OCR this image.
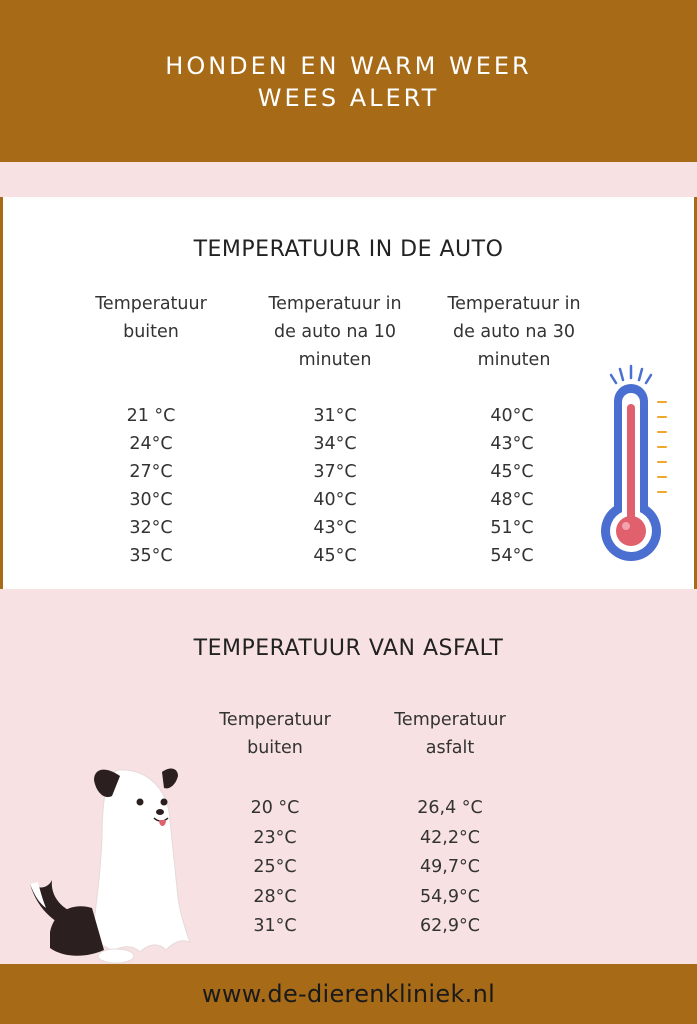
HONDEN EN WARM WEER
WEES ALERT
TEMPERATUUR IN DE AUTO
Temperatuur
buiten
Temperatuur in
de auto na 10
minuten
Temperatuur in
de auto na 30
minuten
21 °C
24°C
27°C
30°C
32°C
35°C
31°C
34°C
37°C
40°C
43°C
45°C
40°C
43°C
45°C
48°C
51°C
54°C
TEMPERATUUR VAN ASFALT
Temperatuur
buiten
Temperatuur
asfalt
20 °C
23°C
25°C
28°C
31°C
26,4 °C
42,2°C
49,7°C
54,9°C
62,9°C
www.de-dierenkliniek.nl
